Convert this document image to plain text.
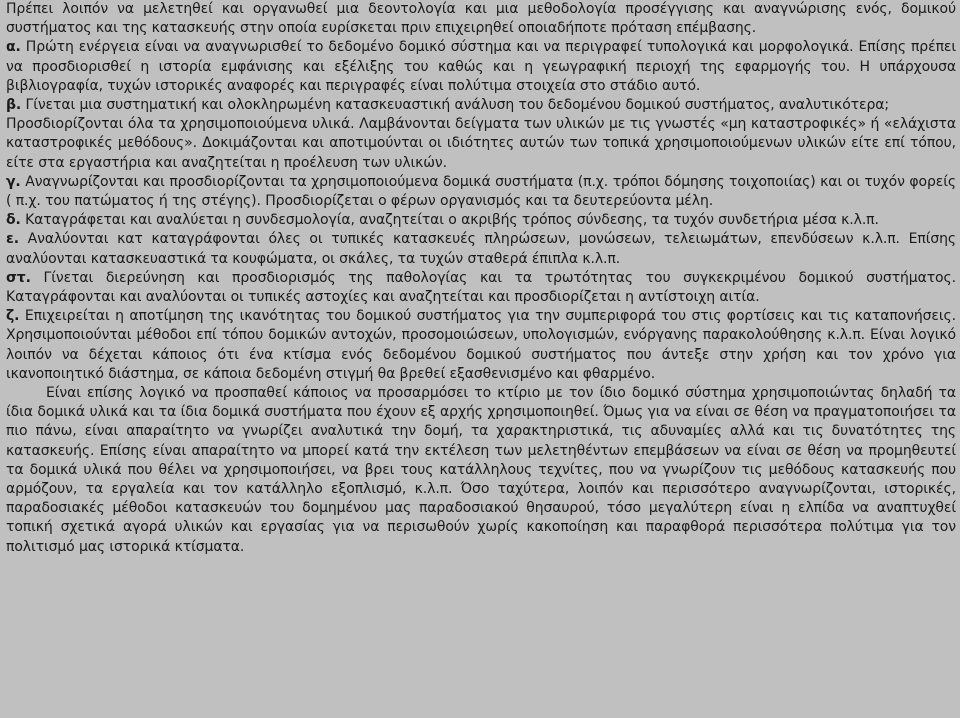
Πρέπει λοιπόν να μελετηθεί και οργανωθεί μια δεοντολογία και μια μεθοδολογία προσέγγισης και αναγνώρισης ενός, δομικού συστήματος και της κατασκευής στην οποία ευρίσκεται πριν επιχειρηθεί οποιαδήποτε πρόταση επέμβασης.

α. Πρώτη ενέργεια είναι να αναγνωρισθεί το δεδομένο δομικό σύστημα και να περιγραφεί τυπολογικά και μορφολογικά. Επίσης πρέπει να προσδιορισθεί η ιστορία εμφάνισης και εξέλιξης του καθώς και η γεωγραφική περιοχή της εφαρμογής του. Η υπάρχουσα βιβλιογραφία, τυχών ιστορικές αναφορές και περιγραφές είναι πολύτιμα στοιχεία στο στάδιο αυτό.

β. Γίνεται μια συστηματική και ολοκληρωμένη κατασκευαστική ανάλυση του δεδομένου δομικού συστήματος, αναλυτικότερα;

Προσδιορίζονται όλα τα χρησιμοποιούμενα υλικά. Λαμβάνονται δείγματα των υλικών με τις γνωστές «μη καταστροφικές» ή «ελάχιστα καταστροφικές μεθόδους». Δοκιμάζονται και αποτιμούνται οι ιδιότητες αυτών των τοπικά χρησιμοποιούμενων υλικών είτε επί τόπου, είτε στα εργαστήρια και αναζητείται η προέλευση των υλικών.

γ. Αναγνωρίζονται και προσδιορίζονται τα χρησιμοποιούμενα δομικά συστήματα (π.χ. τρόποι δόμησης τοιχοποιίας) και οι τυχόν φορείς ( π.χ. του πατώματος ή της στέγης). Προσδιορίζεται ο φέρων οργανισμός και τα δευτερεύοντα μέλη.

δ. Καταγράφεται και αναλύεται η συνδεσμολογία, αναζητείται ο ακριβής τρόπος σύνδεσης, τα τυχόν συνδετήρια μέσα κ.λ.π.

ε. Αναλύονται κατ καταγράφονται όλες οι τυπικές κατασκευές πληρώσεων, μονώσεων, τελειωμάτων, επενδύσεων κ.λ.π. Επίσης αναλύονται κατασκευαστικά τα κουφώματα, οι σκάλες, τα τυχών σταθερά έπιπλα κ.λ.π.

στ. Γίνεται διερεύνηση και προσδιορισμός της παθολογίας και τα τρωτότητας του συγκεκριμένου δομικού συστήματος. Καταγράφονται και αναλύονται οι τυπικές αστοχίες και αναζητείται και προσδιορίζεται η αντίστοιχη αιτία.

ζ. Επιχειρείται η αποτίμηση της ικανότητας του δομικού συστήματος για την συμπεριφορά του στις φορτίσεις και τις καταπονήσεις. Χρησιμοποιούνται μέθοδοι επί τόπου δομικών αντοχών, προσομοιώσεων, υπολογισμών, ενόργανης παρακολούθησης κ.λ.π. Είναι λογικό λοιπόν να δέχεται κάποιος ότι ένα κτίσμα ενός δεδομένου δομικού συστήματος που άντεξε στην χρήση και τον χρόνο για ικανοποιητικό διάστημα, σε κάποια δεδομένη στιγμή θα βρεθεί εξασθενισμένο και φθαρμένο.

Είναι επίσης λογικό να προσπαθεί κάποιος να προσαρμόσει το κτίριο με τον ίδιο δομικό σύστημα χρησιμοποιώντας δηλαδή τα ίδια δομικά υλικά και τα ίδια δομικά συστήματα που έχουν εξ αρχής χρησιμοποιηθεί. Όμως για να είναι σε θέση να πραγματοποιήσει τα πιο πάνω, είναι απαραίτητο να γνωρίζει αναλυτικά την δομή, τα χαρακτηριστικά, τις αδυναμίες αλλά και τις δυνατότητες της κατασκευής. Επίσης είναι απαραίτητο να μπορεί κατά την εκτέλεση των μελετηθέντων επεμβάσεων να είναι σε θέση να προμηθευτεί τα δομικά υλικά που θέλει να χρησιμοποιήσει, να βρει τους κατάλληλους τεχνίτες, που να γνωρίζουν τις μεθόδους κατασκευής που αρμόζουν, τα εργαλεία και τον κατάλληλο εξοπλισμό, κ.λ.π. Όσο ταχύτερα, λοιπόν και περισσότερο αναγνωρίζονται, ιστορικές, παραδοσιακές μέθοδοι κατασκευών του δομημένου μας παραδοσιακού θησαυρού, τόσο μεγαλύτερη είναι η ελπίδα να αναπτυχθεί τοπική σχετικά αγορά υλικών και εργασίας για να περισωθούν χωρίς κακοποίηση και παραφθορά περισσότερα πολύτιμα για τον πολιτισμό μας ιστορικά κτίσματα.
